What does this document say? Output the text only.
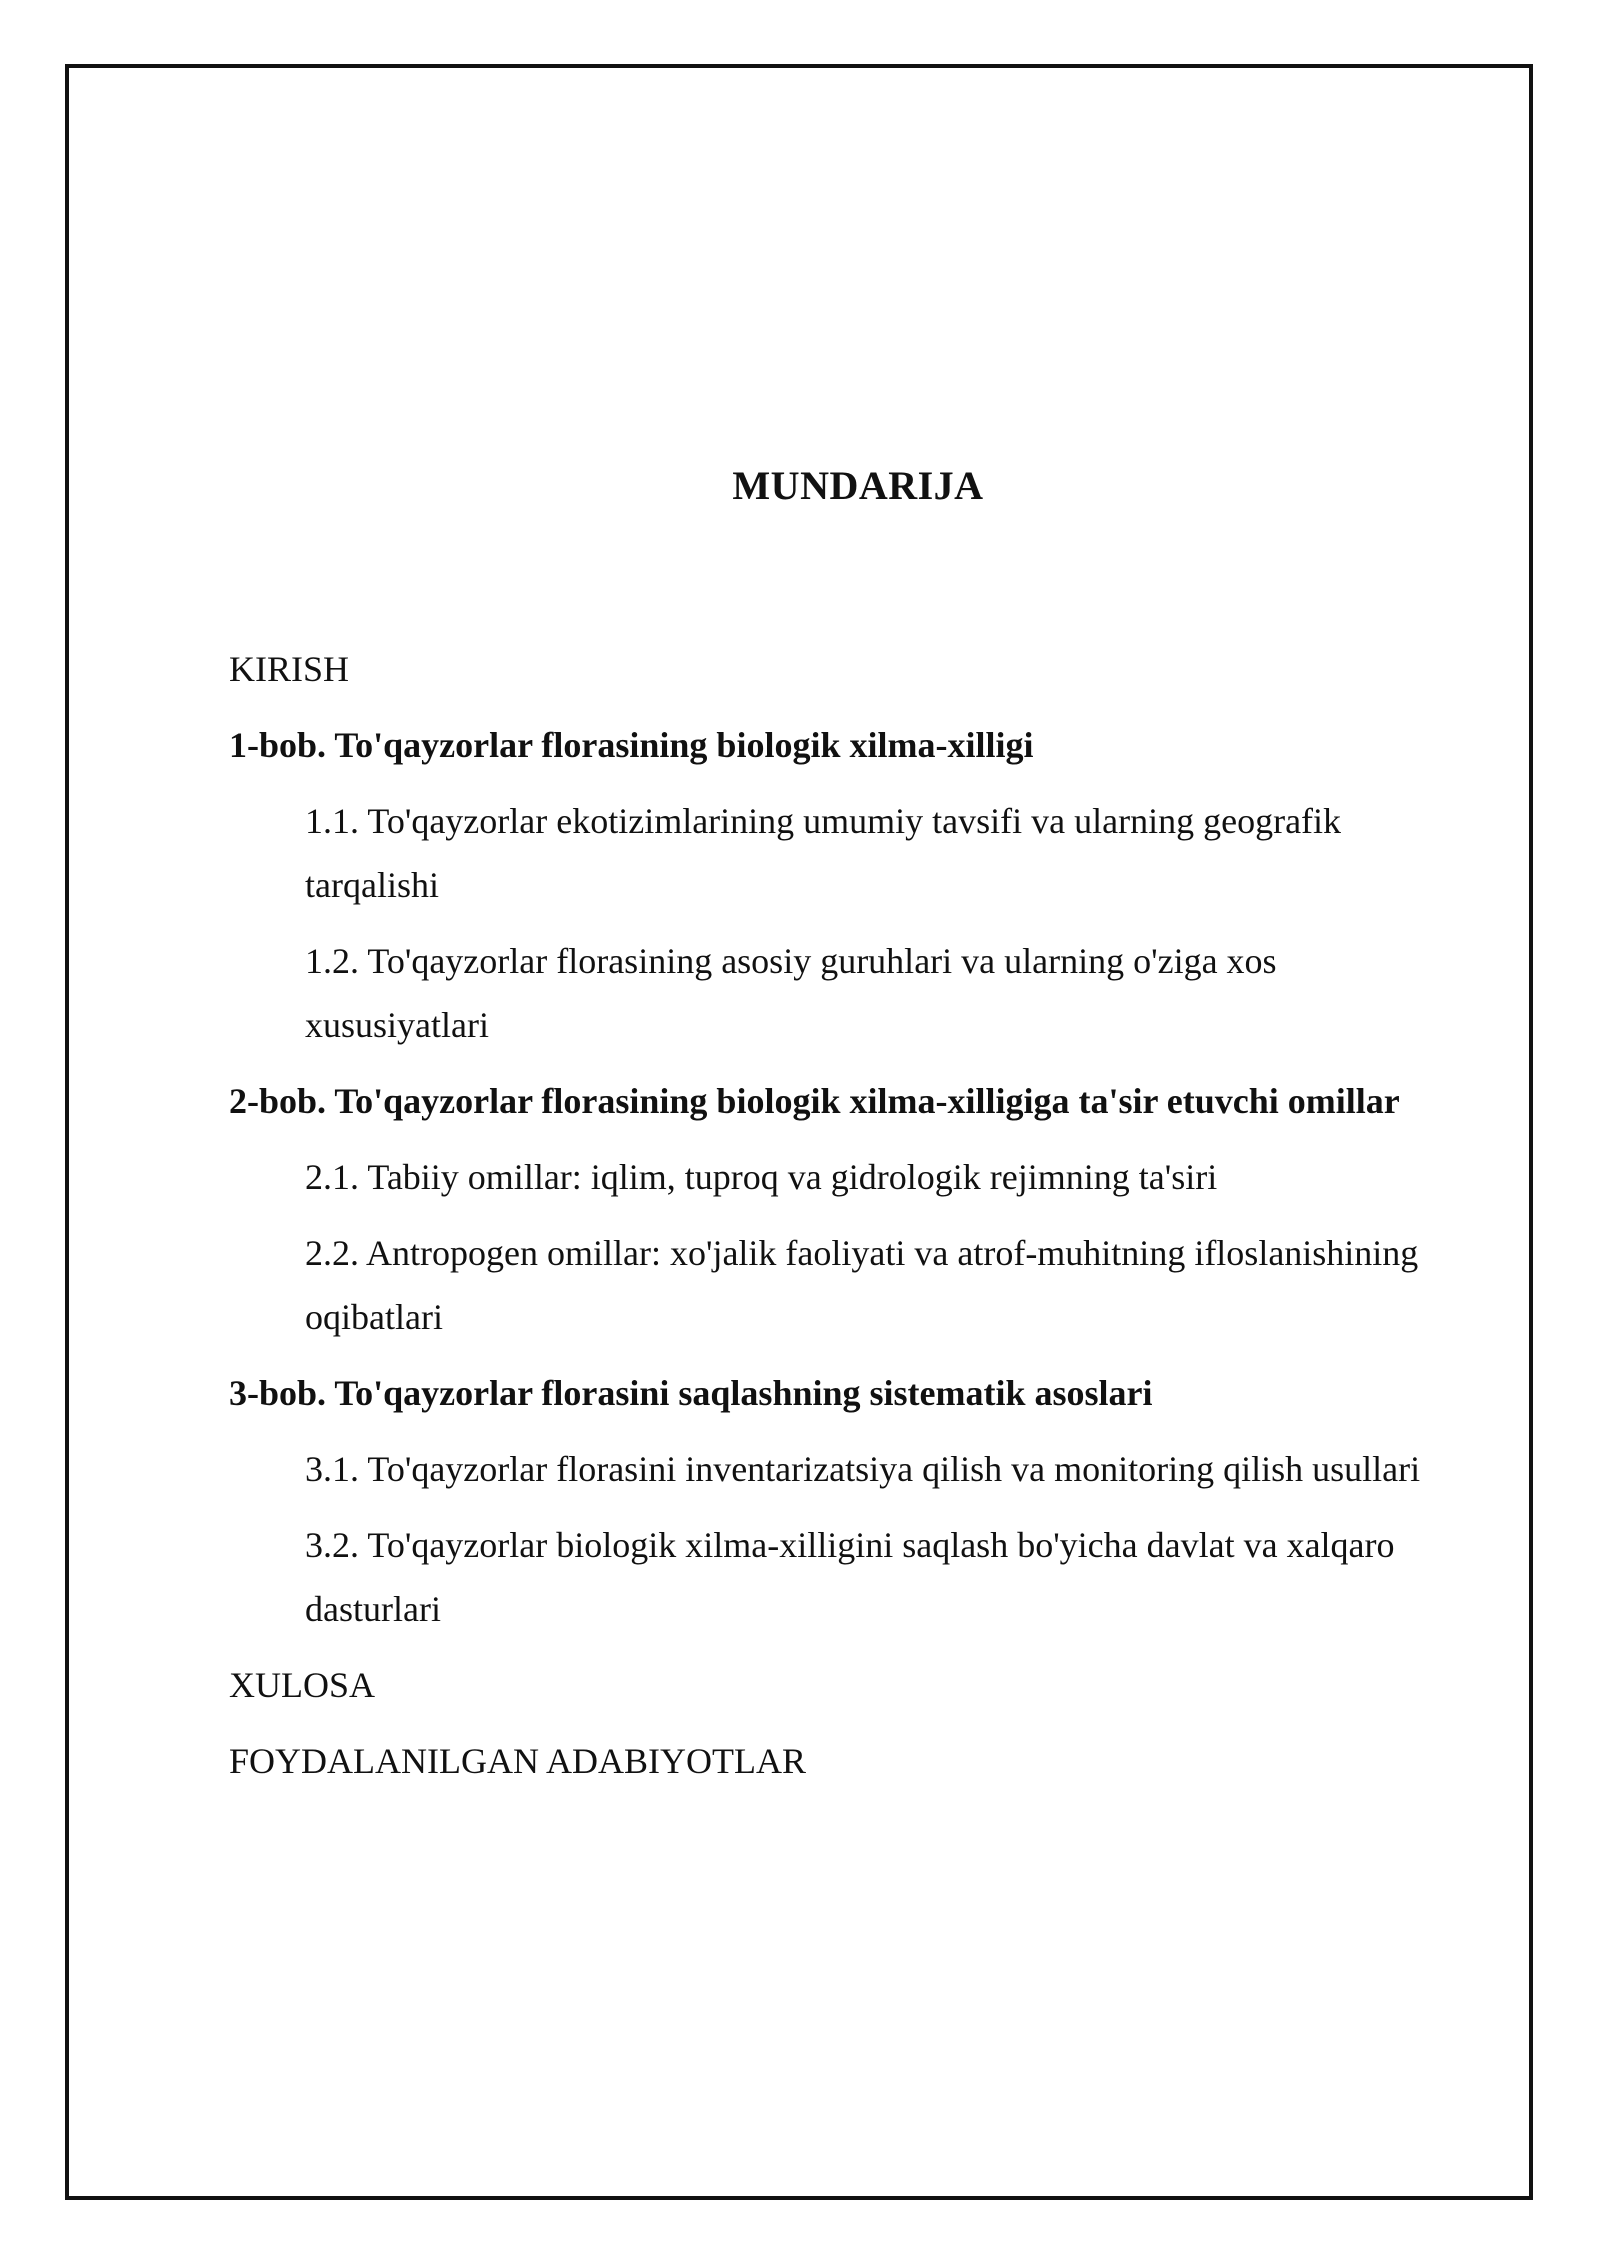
MUNDARIJA

KIRISH

1-bob. To'qayzorlar florasining biologik xilma-xilligi

1.1. To'qayzorlar ekotizimlarining umumiy tavsifi va ularning geografik

tarqalishi

1.2. To'qayzorlar florasining asosiy guruhlari va ularning o'ziga xos

xususiyatlari

2-bob. To'qayzorlar florasining biologik xilma-xilligiga ta'sir etuvchi omillar

2.1. Tabiiy omillar: iqlim, tuproq va gidrologik rejimning ta'siri

2.2. Antropogen omillar: xo'jalik faoliyati va atrof-muhitning ifloslanishining

oqibatlari

3-bob. To'qayzorlar florasini saqlashning sistematik asoslari

3.1. To'qayzorlar florasini inventarizatsiya qilish va monitoring qilish usullari

3.2. To'qayzorlar biologik xilma-xilligini saqlash bo'yicha davlat va xalqaro

dasturlari

XULOSA

FOYDALANILGAN ADABIYOTLAR
